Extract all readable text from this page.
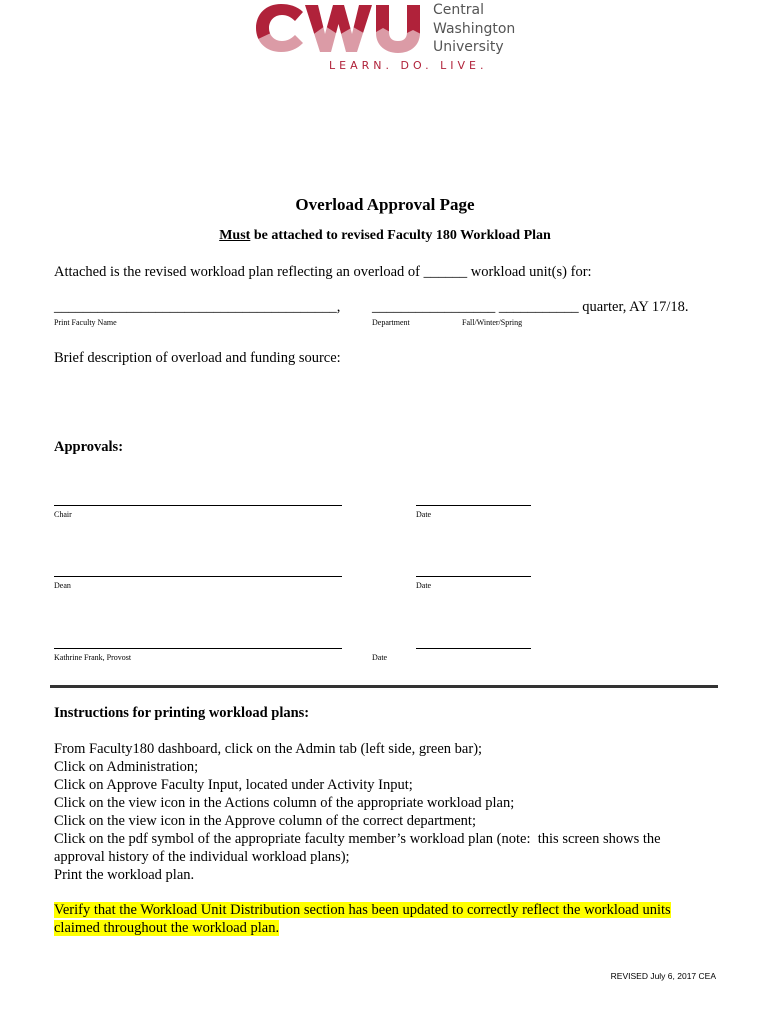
Central
Washington
University
LEARN. DO. LIVE.
Overload Approval Page
Must be attached to revised Faculty 180 Workload Plan
Attached is the revised workload plan reflecting an overload of ______ workload unit(s) for:
_______________________________________, _________________ ___________ quarter, AY 17/18.
Print Faculty Name	Department	Fall/Winter/Spring
Brief description of overload and funding source:
Approvals:
Chair	Date
Dean	Date
Kathrine Frank, Provost	Date
Instructions for printing workload plans:
From Faculty180 dashboard, click on the Admin tab (left side, green bar);
Click on Administration;
Click on Approve Faculty Input, located under Activity Input;
Click on the view icon in the Actions column of the appropriate workload plan;
Click on the view icon in the Approve column of the correct department;
Click on the pdf symbol of the appropriate faculty member’s workload plan (note:  this screen shows the
approval history of the individual workload plans);
Print the workload plan.
Verify that the Workload Unit Distribution section has been updated to correctly reflect the workload units
claimed throughout the workload plan.
REVISED July 6, 2017 CEA
